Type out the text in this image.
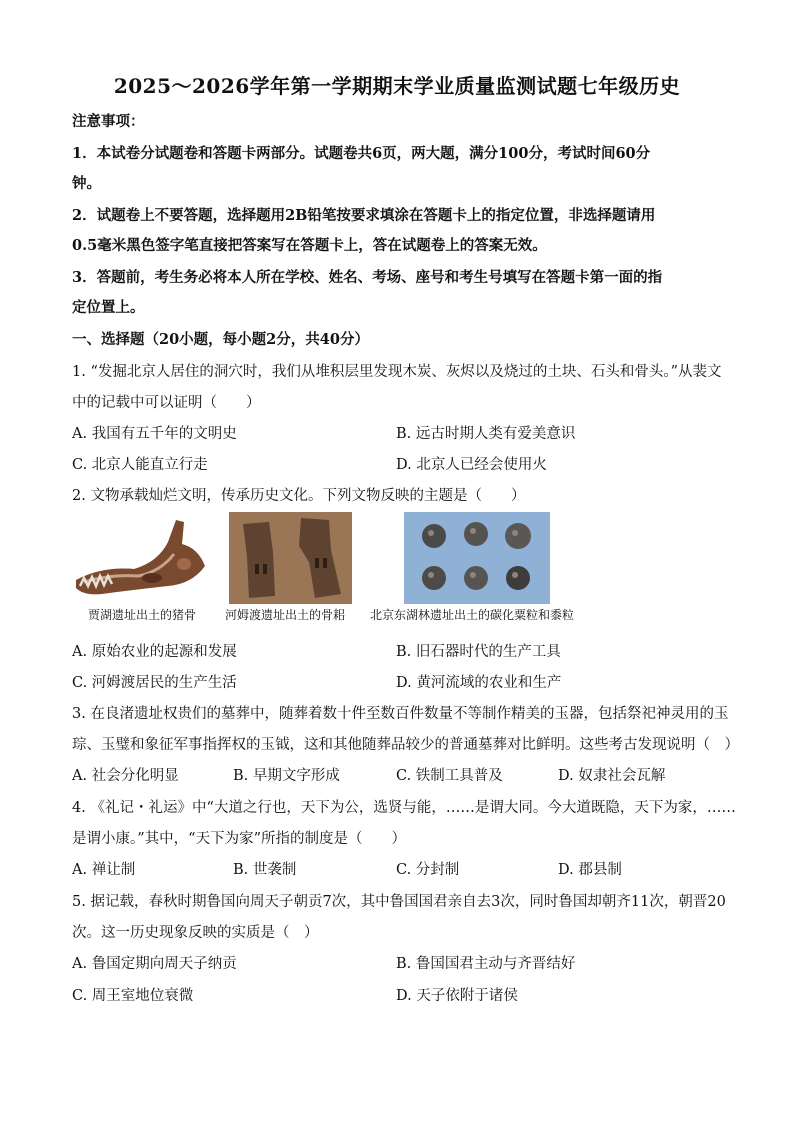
2025～2026学年第一学期期末学业质量监测试题七年级历史
注意事项：
1．本试卷分试题卷和答题卡两部分。试题卷共6页，两大题，满分100分，考试时间60分
钟。
2．试题卷上不要答题，选择题用2B铅笔按要求填涂在答题卡上的指定位置，非选择题请用
0.5毫米黑色签字笔直接把答案写在答题卡上，答在试题卷上的答案无效。
3．答题前，考生务必将本人所在学校、姓名、考场、座号和考生号填写在答题卡第一面的指
定位置上。
一、选择题（20小题，每小题2分，共40分）
1. “发掘北京人居住的洞穴时，我们从堆积层里发现木炭、灰烬以及烧过的土块、石头和骨头。”从裴文
中的记载中可以证明（　　）
A. 我国有五千年的文明史	B. 远古时期人类有爱美意识
C. 北京人能直立行走	D. 北京人已经会使用火
2. 文物承载灿烂文明，传承历史文化。下列文物反映的主题是（　　）
贾湖遗址出土的猪骨 河姆渡遗址出土的骨耜 北京东湖林遗址出土的碳化粟粒和黍粒
A. 原始农业的起源和发展	B. 旧石器时代的生产工具
C. 河姆渡居民的生产生活	D. 黄河流域的农业和生产
3. 在良渚遗址权贵们的墓葬中，随葬着数十件至数百件数量不等制作精美的玉器，包括祭祀神灵用的玉
琮、玉璧和象征军事指挥权的玉钺，这和其他随葬品较少的普通墓葬对比鲜明。这些考古发现说明（　）
A. 社会分化明显	B. 早期文字形成	C. 铁制工具普及	D. 奴隶社会瓦解
4. 《礼记・礼运》中“大道之行也，天下为公，选贤与能，……是谓大同。今大道既隐，天下为家，……
是谓小康。”其中，“天下为家”所指的制度是（　　）
A. 禅让制	B. 世袭制	C. 分封制	D. 郡县制
5. 据记载，春秋时期鲁国向周天子朝贡7次，其中鲁国国君亲自去3次，同时鲁国却朝齐11次，朝晋20
次。这一历史现象反映的实质是（　）
A. 鲁国定期向周天子纳贡	B. 鲁国国君主动与齐晋结好
C. 周王室地位衰微	D. 天子依附于诸侯
